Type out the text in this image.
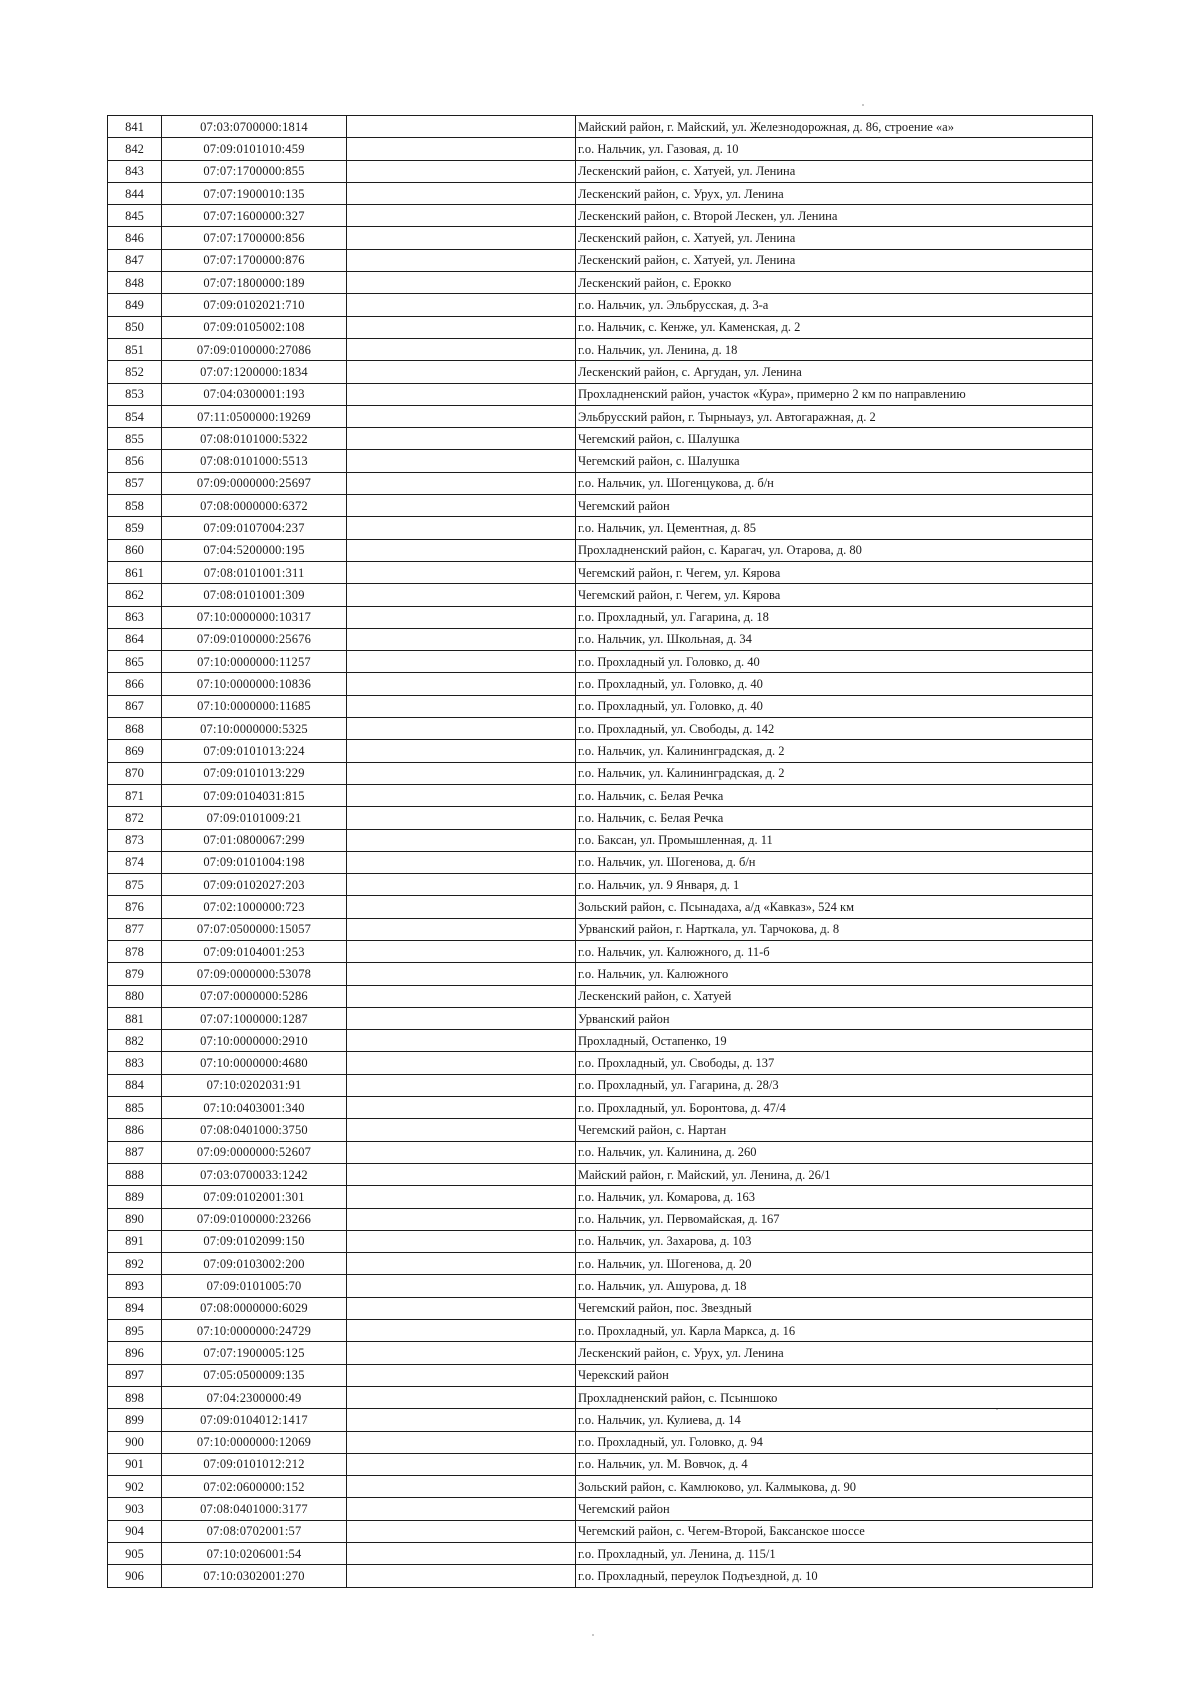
841	07:03:0700000:1814		Майский район, г. Майский, ул. Железнодорожная, д. 86, строение «а»
842	07:09:0101010:459		г.о. Нальчик, ул. Газовая, д. 10
843	07:07:1700000:855		Лескенский район, с. Хатуей, ул. Ленина
844	07:07:1900010:135		Лескенский район, с. Урух, ул. Ленина
845	07:07:1600000:327		Лескенский район, с. Второй Лескен, ул. Ленина
846	07:07:1700000:856		Лескенский район, с. Хатуей, ул. Ленина
847	07:07:1700000:876		Лескенский район, с. Хатуей, ул. Ленина
848	07:07:1800000:189		Лескенский район, с. Ерокко
849	07:09:0102021:710		г.о. Нальчик, ул. Эльбрусская, д. 3-а
850	07:09:0105002:108		г.о. Нальчик, с. Кенже, ул. Каменская, д. 2
851	07:09:0100000:27086		г.о. Нальчик, ул. Ленина, д. 18
852	07:07:1200000:1834		Лескенский район, с. Аргудан, ул. Ленина
853	07:04:0300001:193		Прохладненский район, участок «Кура», примерно 2 км по направлению
854	07:11:0500000:19269		Эльбрусский район, г. Тырныауз, ул. Автогаражная, д. 2
855	07:08:0101000:5322		Чегемский район, с. Шалушка
856	07:08:0101000:5513		Чегемский район, с. Шалушка
857	07:09:0000000:25697		г.о. Нальчик, ул. Шогенцукова, д. б/н
858	07:08:0000000:6372		Чегемский район
859	07:09:0107004:237		г.о. Нальчик, ул. Цементная, д. 85
860	07:04:5200000:195		Прохладненский район, с. Карагач, ул. Отарова, д. 80
861	07:08:0101001:311		Чегемский район, г. Чегем, ул. Кярова
862	07:08:0101001:309		Чегемский район, г. Чегем, ул. Кярова
863	07:10:0000000:10317		г.о. Прохладный, ул. Гагарина, д. 18
864	07:09:0100000:25676		г.о. Нальчик, ул. Школьная, д. 34
865	07:10:0000000:11257		г.о. Прохладный ул. Головко, д. 40
866	07:10:0000000:10836		г.о. Прохладный, ул. Головко, д. 40
867	07:10:0000000:11685		г.о. Прохладный, ул. Головко, д. 40
868	07:10:0000000:5325		г.о. Прохладный, ул. Свободы, д. 142
869	07:09:0101013:224		г.о. Нальчик, ул. Калининградская, д. 2
870	07:09:0101013:229		г.о. Нальчик, ул. Калининградская, д. 2
871	07:09:0104031:815		г.о. Нальчик, с. Белая Речка
872	07:09:0101009:21		г.о. Нальчик, с. Белая Речка
873	07:01:0800067:299		г.о. Баксан, ул. Промышленная, д. 11
874	07:09:0101004:198		г.о. Нальчик, ул. Шогенова, д. б/н
875	07:09:0102027:203		г.о. Нальчик, ул. 9 Января, д. 1
876	07:02:1000000:723		Зольский район, с. Псынадаха, а/д «Кавказ», 524 км
877	07:07:0500000:15057		Урванский район, г. Нарткала, ул. Тарчокова, д. 8
878	07:09:0104001:253		г.о. Нальчик, ул. Калюжного, д. 11-б
879	07:09:0000000:53078		г.о. Нальчик, ул. Калюжного
880	07:07:0000000:5286		Лескенский район, с. Хатуей
881	07:07:1000000:1287		Урванский район
882	07:10:0000000:2910		Прохладный, Остапенко, 19
883	07:10:0000000:4680		г.о. Прохладный, ул. Свободы, д. 137
884	07:10:0202031:91		г.о. Прохладный, ул. Гагарина, д. 28/3
885	07:10:0403001:340		г.о. Прохладный, ул. Боронтова, д. 47/4
886	07:08:0401000:3750		Чегемский район, с. Нартан
887	07:09:0000000:52607		г.о. Нальчик, ул. Калинина, д. 260
888	07:03:0700033:1242		Майский район, г. Майский, ул. Ленина, д. 26/1
889	07:09:0102001:301		г.о. Нальчик, ул. Комарова, д. 163
890	07:09:0100000:23266		г.о. Нальчик, ул. Первомайская, д. 167
891	07:09:0102099:150		г.о. Нальчик, ул. Захарова, д. 103
892	07:09:0103002:200		г.о. Нальчик, ул. Шогенова, д. 20
893	07:09:0101005:70		г.о. Нальчик, ул. Ашурова, д. 18
894	07:08:0000000:6029		Чегемский район, пос. Звездный
895	07:10:0000000:24729		г.о. Прохладный, ул. Карла Маркса, д. 16
896	07:07:1900005:125		Лескенский район, с. Урух, ул. Ленина
897	07:05:0500009:135		Черекский район
898	07:04:2300000:49		Прохладненский район, с. Псыншоко
899	07:09:0104012:1417		г.о. Нальчик, ул. Кулиева, д. 14
900	07:10:0000000:12069		г.о. Прохладный, ул. Головко, д. 94
901	07:09:0101012:212		г.о. Нальчик, ул. М. Вовчок, д. 4
902	07:02:0600000:152		Зольский район, с. Камлюково, ул. Калмыкова, д. 90
903	07:08:0401000:3177		Чегемский район
904	07:08:0702001:57		Чегемский район, с. Чегем-Второй, Баксанское шоссе
905	07:10:0206001:54		г.о. Прохладный, ул. Ленина, д. 115/1
906	07:10:0302001:270		г.о. Прохладный, переулок Подъездной, д. 10
